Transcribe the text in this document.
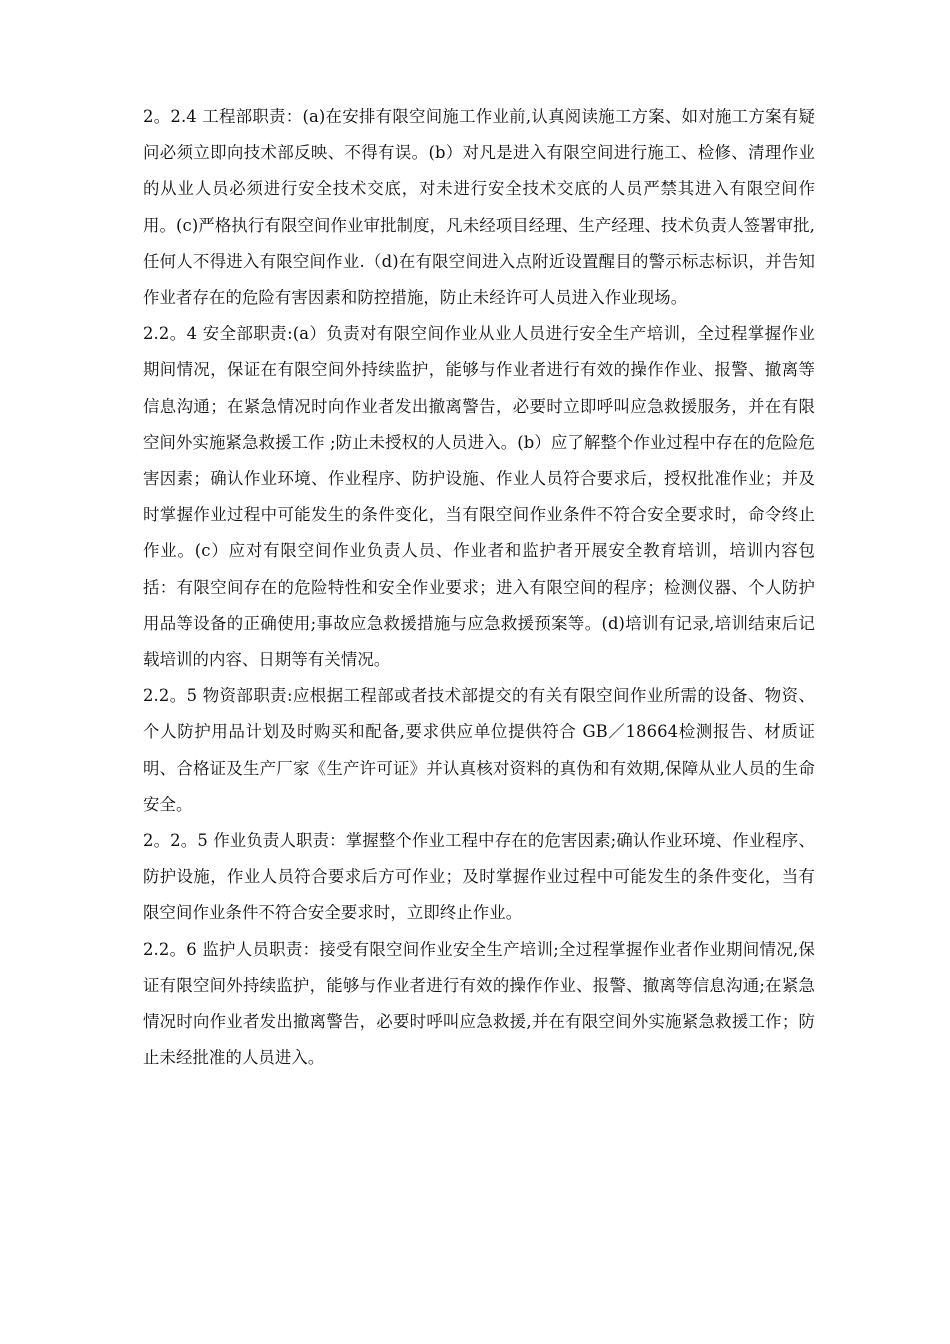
2。2.4 工程部职责：(a)在安排有限空间施工作业前,认真阅读施工方案、如对施工方案有疑问必须立即向技术部反映、不得有误。(b）对凡是进入有限空间进行施工、检修、清理作业的从业人员必须进行安全技术交底，对未进行安全技术交底的人员严禁其进入有限空间作用。(c)严格执行有限空间作业审批制度，凡未经项目经理、生产经理、技术负责人签署审批,任何人不得进入有限空间作业.（d)在有限空间进入点附近设置醒目的警示标志标识，并告知作业者存在的危险有害因素和防控措施，防止未经许可人员进入作业现场。

2.2。4 安全部职责:(a）负责对有限空间作业从业人员进行安全生产培训，全过程掌握作业期间情况，保证在有限空间外持续监护，能够与作业者进行有效的操作作业、报警、撤离等信息沟通；在紧急情况时向作业者发出撤离警告，必要时立即呼叫应急救援服务，并在有限空间外实施紧急救援工作 ;防止未授权的人员进入。(b）应了解整个作业过程中存在的危险危害因素；确认作业环境、作业程序、防护设施、作业人员符合要求后，授权批准作业；并及时掌握作业过程中可能发生的条件变化，当有限空间作业条件不符合安全要求时，命令终止作业。(c）应对有限空间作业负责人员、作业者和监护者开展安全教育培训，培训内容包括：有限空间存在的危险特性和安全作业要求；进入有限空间的程序；检测仪器、个人防护用品等设备的正确使用;事故应急救援措施与应急救援预案等。(d)培训有记录,培训结束后记载培训的内容、日期等有关情况。

2.2。5 物资部职责:应根据工程部或者技术部提交的有关有限空间作业所需的设备、物资、个人防护用品计划及时购买和配备,要求供应单位提供符合 GB／18664检测报告、材质证明、合格证及生产厂家《生产许可证》并认真核对资料的真伪和有效期,保障从业人员的生命安全。

2。2。5 作业负责人职责：掌握整个作业工程中存在的危害因素;确认作业环境、作业程序、防护设施，作业人员符合要求后方可作业；及时掌握作业过程中可能发生的条件变化，当有限空间作业条件不符合安全要求时，立即终止作业。

2.2。6 监护人员职责：接受有限空间作业安全生产培训;全过程掌握作业者作业期间情况,保证有限空间外持续监护，能够与作业者进行有效的操作作业、报警、撤离等信息沟通;在紧急情况时向作业者发出撤离警告，必要时呼叫应急救援,并在有限空间外实施紧急救援工作；防止未经批准的人员进入。
